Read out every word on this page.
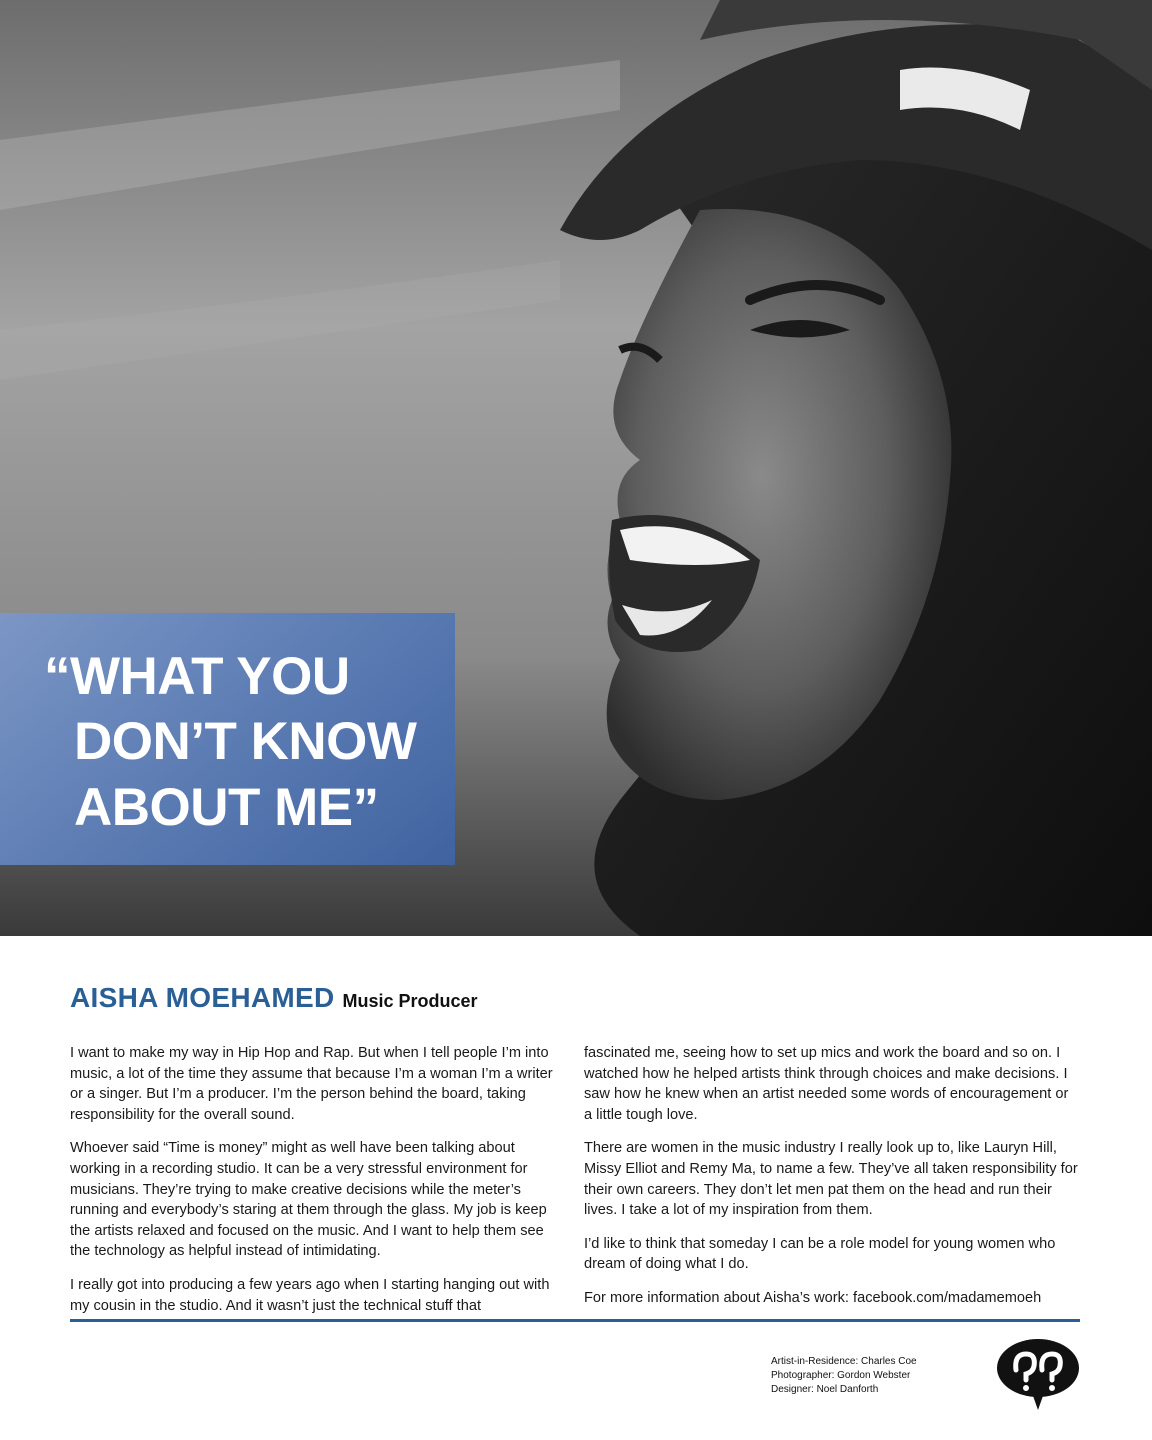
“WHAT YOU
DON’T KNOW
ABOUT ME”
AISHA MOEHAMED Music Producer

I want to make my way in Hip Hop and Rap. But when I tell people I’m into music, a lot of the time they assume that because I’m a woman I’m a writer or a singer. But I’m a producer. I’m the person behind the board, taking responsibility for the overall sound.

Whoever said “Time is money” might as well have been talking about working in a recording studio. It can be a very stressful environment for musicians. They’re trying to make creative decisions while the meter’s running and everybody’s staring at them through the glass. My job is keep the artists relaxed and focused on the music. And I want to help them see the technology as helpful instead of intimidating.

I really got into producing a few years ago when I starting hanging out with my cousin in the studio. And it wasn’t just the technical stuff that

fascinated me, seeing how to set up mics and work the board and so on. I watched how he helped artists think through choices and make decisions. I saw how he knew when an artist needed some words of encouragement or a little tough love.

There are women in the music industry I really look up to, like Lauryn Hill, Missy Elliot and Remy Ma, to name a few. They’ve all taken responsibility for their own careers. They don’t let men pat them on the head and run their lives. I take a lot of my inspiration from them.

I’d like to think that someday I can be a role model for young women who dream of doing what I do.

For more information about Aisha’s work: facebook.com/madamemoeh

Artist-in-Residence: Charles Coe
Photographer: Gordon Webster
Designer: Noel Danforth
